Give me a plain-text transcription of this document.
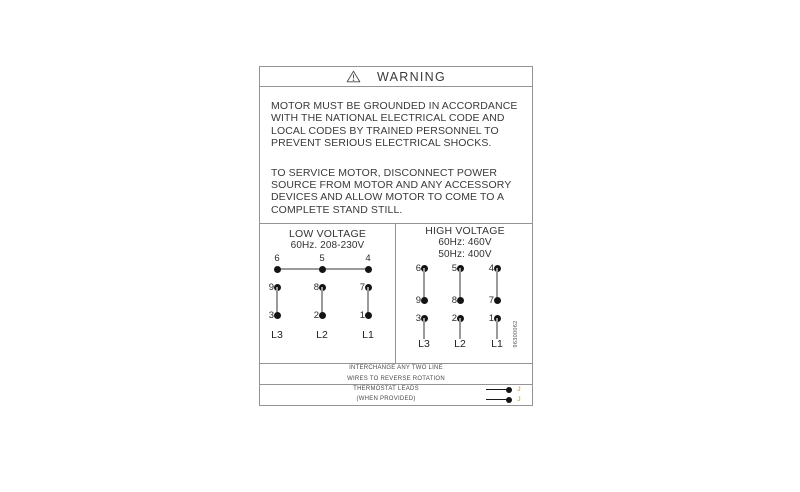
WARNING
MOTOR MUST BE GROUNDED IN ACCORDANCE
WITH THE NATIONAL ELECTRICAL CODE AND
LOCAL CODES BY TRAINED PERSONNEL TO
PREVENT SERIOUS ELECTRICAL SHOCKS.
TO SERVICE MOTOR, DISCONNECT POWER
SOURCE FROM MOTOR AND ANY ACCESSORY
DEVICES AND ALLOW MOTOR TO COME TO A
COMPLETE STAND STILL.
LOW VOLTAGE
60Hz. 208-230V
6	5	4
9	8	7
3	2	1
L3	L2	L1
HIGH VOLTAGE
60Hz: 460V
50Hz: 400V
6	5	4
9	8	7
3	2	1
L3	L2	L1	96300062
INTERCHANGE ANY TWO LINE
WIRES TO REVERSE ROTATION
THERMOSTAT LEADS
(WHEN PROVIDED)
J
J
